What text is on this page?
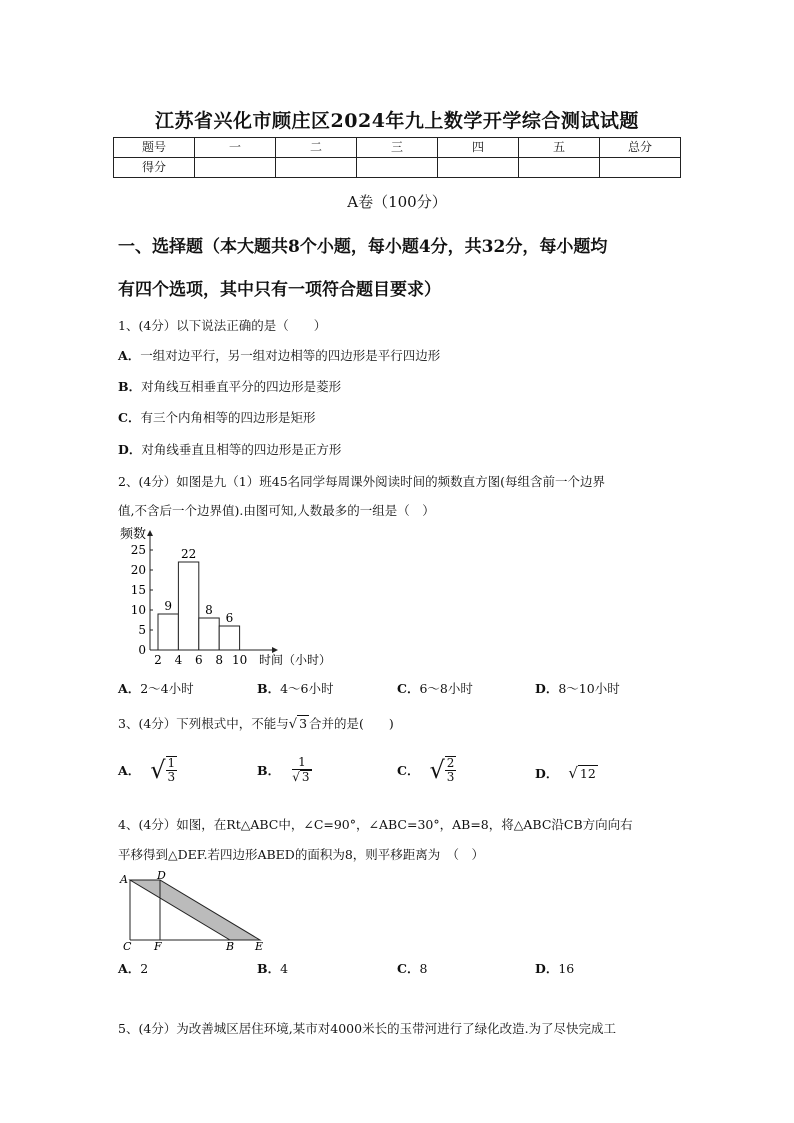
江苏省兴化市顾庄区2024年九上数学开学综合测试试题
题号	一	二	三	四	五	总分
得分						
A卷（100分）
一、选择题（本大题共8个小题，每小题4分，共32分，每小题均
有四个选项，其中只有一项符合题目要求）
1、(4分）以下说法正确的是（　　）
A．一组对边平行，另一组对边相等的四边形是平行四边形
B．对角线互相垂直平分的四边形是菱形
C．有三个内角相等的四边形是矩形
D．对角线垂直且相等的四边形是正方形
2、(4分）如图是九（1）班45名同学每周课外阅读时间的频数直方图(每组含前一个边界
值,不含后一个边界值).由图可知,人数最多的一组是（　）
频数
0
5
10
15
20
25
2 4 6 8 10
9
22
8
6
时间（小时）
A．2～4小时	B．4～6小时	C．6～8小时	D．8～10小时
3、(4分）下列根式中，不能与√ 3 合并的是(　　)
A． √ $\frac{1}{3}$	B． $\frac{1}{√ 3}$	C． √ $\frac{2}{3}$	D． √ 12
4、(4分）如图，在Rt△ABC中，∠C=90°，∠ABC=30°，AB=8，将△ABC沿CB方向向右
平移得到△DEF.若四边形ABED的面积为8，则平移距离为　（　）
A	D
C F	B E
A．2	B．4	C．8	D．16
5、(4分）为改善城区居住环境,某市对4000米长的玉带河进行了绿化改造.为了尽快完成工
